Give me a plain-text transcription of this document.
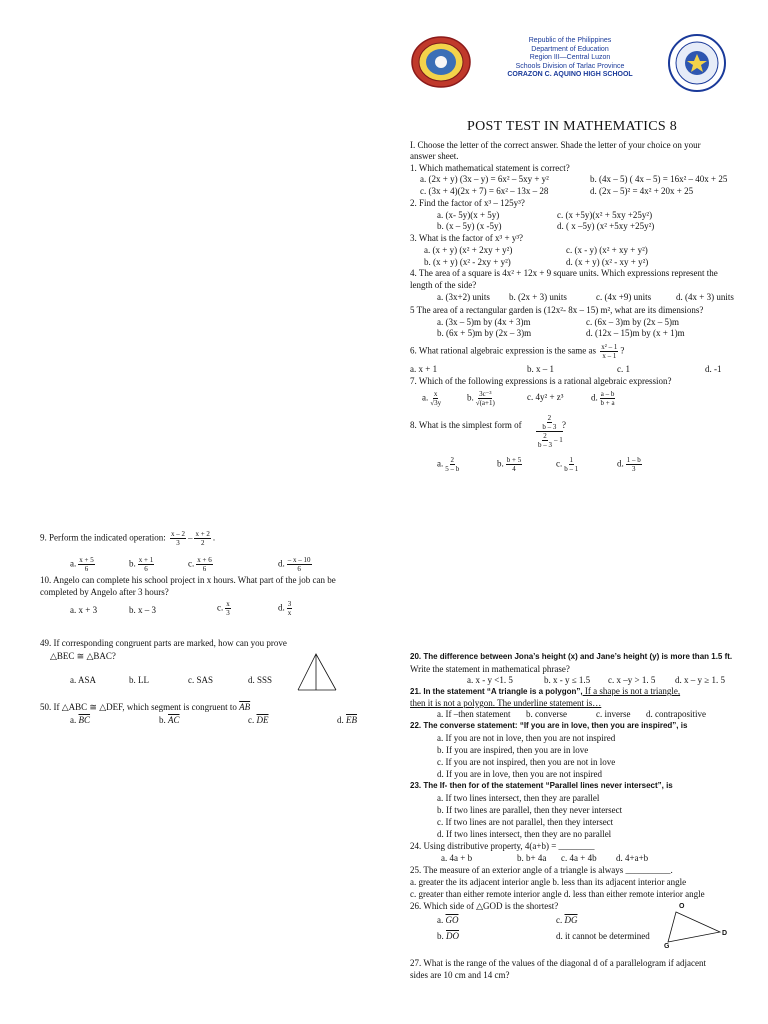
Republic of the Philippines
Department of Education
Region III—Central Luzon
Schools Division of Tarlac Province
CORAZON C. AQUINO HIGH SCHOOL
POST TEST IN MATHEMATICS 8
I. Choose the letter of the correct answer. Shade the letter of your choice on your
answer sheet.
1. Which mathematical statement is correct?
a. (2x + y) (3x – y) = 6x² – 5xy + y²	b. (4x – 5) ( 4x – 5) = 16x² – 40x + 25
c. (3x + 4)(2x + 7) = 6x² – 13x – 28	d. (2x – 5)² = 4x² + 20x + 25
2. Find the factor of x³ – 125y³?
a. (x- 5y)(x + 5y)	c. (x +5y)(x² + 5xy +25y²)
b. (x – 5y) (x -5y)	d. ( x –5y) (x² +5xy +25y²)
3. What is the factor of x³ + y³?
a. (x + y) (x² + 2xy + y²)	c. (x - y) (x² + xy + y²)
b. (x + y) (x² - 2xy + y²)	d. (x + y) (x² - xy + y²)
4. The area of a square is 4x² + 12x + 9 square units. Which expressions represent the
length of the side?
a. (3x+2) units b. (2x + 3) units	c. (4x +9) units	d. (4x + 3) units
5 The area of a rectangular garden is (12x²- 8x – 15) m², what are its dimensions?
a. (3x – 5)m by (4x + 3)m	c. (6x – 3)m by (2x – 5)m
b. (6x + 5)m by (2x – 3)m	d. (12x – 15)m by (x + 1)m
6. What rational algebraic expression is the same as $\frac{\text{x² – 1}}{x - 1}$ ?
a. x + 1	b. x – 1	c. 1	d. -1
7. Which of the following expressions is a rational algebraic expression?
a. $\frac{x}{√3y}$	b. $\frac{\text{3c⁻³}}{√(a+1)}$	c. 4y² + z³	d. $\frac{a - b}{b + a}$
8. What is the simplest form of	$\frac{2}{b - 3}$
$\frac{2}{b - 3} - 1$
?
a. $\frac{2}{5 - b}$	b. $\frac{b + 5}{4}$	c. $\frac{1}{b - 1}$	d. $\frac{1 - b}{3}$
9. Perform the indicated operation: $\frac{x - 2}{3} - \frac{x + 2}{2}$ .
a. $\frac{x + 5}{6}$	b. $\frac{x + 1}{6}$	c. $\frac{x + 6}{6}$	d. $\frac{- x - 10}{6}$
10. Angelo can complete his school project in x hours. What part of the job can be
completed by Angelo after 3 hours?
a. x + 3	b. x – 3	c. $\frac{x}{3}$	d. $\frac{3}{x}$
49. If corresponding congruent parts are marked, how can you prove
△BEC ≅ △BAC?
a. ASA	b. LL	c. SAS	d. SSS
50. If △ABC ≅ △DEF, which segment is congruent to $\overline{AB}$
a. $\overline{BC}$	b. $\overline{AC}$	c. $\overline{DE}$	d. $\overline{EB}$
20. The difference between Jona’s height (x) and Jane’s height (y) is more than 1.5 ft.
Write the statement in mathematical phrase?
a. x - y <1. 5	b. x - y ≤ 1.5 c. x –y > 1. 5 d. x – y ≥ 1. 5
21. In the statement “A triangle is a polygon”, If a shape is not a triangle,
then it is not a polygon. The underline statement is…
a. If –then statement b. converse	c. inverse d. contrapositive
22. The converse statement: “If you are in love, then you are inspired”, is
a. If you are not in love, then you are not inspired
b. If you are inspired, then you are in love
c. If you are not inspired, then you are not in love
d. If you are in love, then you are not inspired
23. The If- then for of the statement “Parallel lines never intersect”, is
a. If two lines intersect, then they are parallel
b. If two lines are parallel, then they never intersect
c. If two lines are not parallel, then they intersect
d. If two lines intersect, then they are no parallel
24. Using distributive property, 4(a+b) = ________
a. 4a + b	b. b+ 4a c. 4a + 4b d. 4+a+b
25. The measure of an exterior angle of a triangle is always __________.
a. greater the its adjacent interior angle b. less than its adjacent interior angle
c. greater than either remote interior angle d. less than either remote interior angle
26. Which side of △GOD is the shortest?
a. $\overline{GO}$	c. $\overline{DG}$
b. $\overline{DO}$	d. it cannot be determined
O
D
G
27. What is the range of the values of the diagonal d of a parallelogram if adjacent
sides are 10 cm and 14 cm?
